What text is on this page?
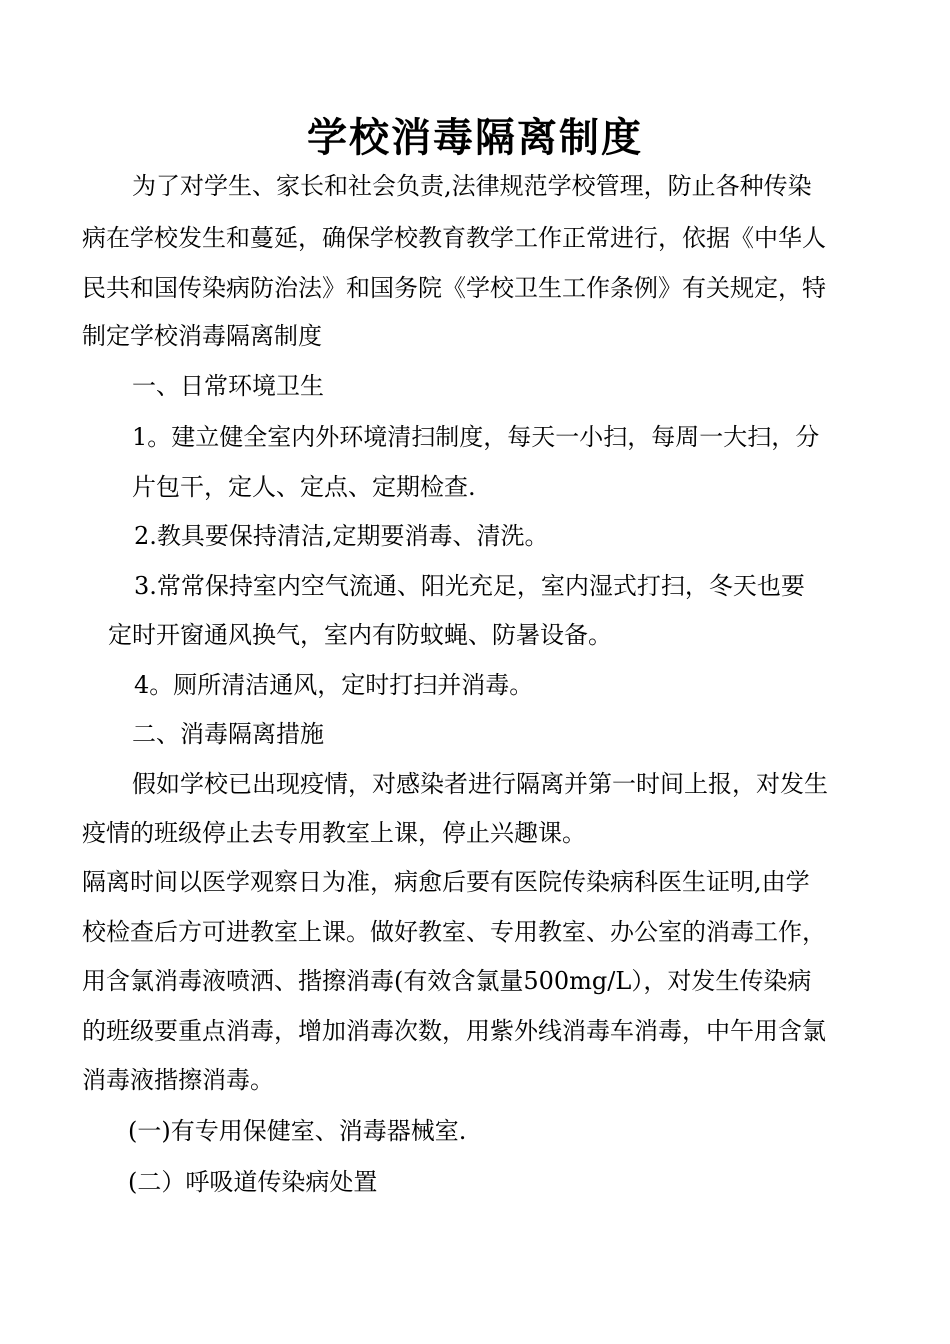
学校消毒隔离制度

为了对学生、家长和社会负责,法律规范学校管理，防止各种传染

病在学校发生和蔓延，确保学校教育教学工作正常进行，依据《中华人

民共和国传染病防治法》和国务院《学校卫生工作条例》有关规定，特

制定学校消毒隔离制度

一、日常环境卫生

1。建立健全室内外环境清扫制度，每天一小扫，每周一大扫，分

片包干，定人、定点、定期检查.

2.教具要保持清洁,定期要消毒、清洗。

3.常常保持室内空气流通、阳光充足，室内湿式打扫，冬天也要

定时开窗通风换气，室内有防蚊蝇、防暑设备。

4。厕所清洁通风，定时打扫并消毒。

二、消毒隔离措施

假如学校已出现疫情，对感染者进行隔离并第一时间上报，对发生

疫情的班级停止去专用教室上课，停止兴趣课。

隔离时间以医学观察日为准，病愈后要有医院传染病科医生证明,由学

校检查后方可进教室上课。做好教室、专用教室、办公室的消毒工作，

用含氯消毒液喷洒、揩擦消毒(有效含氯量500mg/L），对发生传染病

的班级要重点消毒，增加消毒次数，用紫外线消毒车消毒，中午用含氯

消毒液揩擦消毒。

(一)有专用保健室、消毒器械室.

(二）呼吸道传染病处置
